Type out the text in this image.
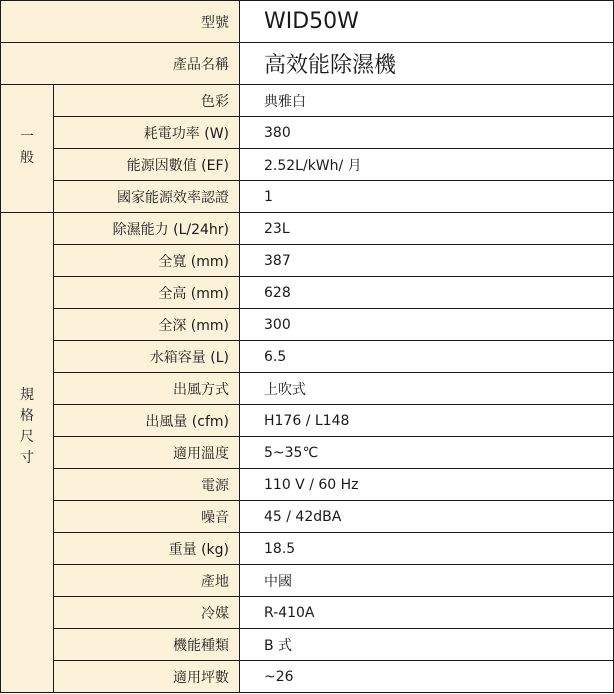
型號		WID50W
產品名稱		高效能除濕機
一般	色彩	典雅白
	耗電功率 (W)	380
	能源因數值 (EF)	2.52L/kWh/ 月
	國家能源效率認證	1
規格尺寸	除濕能力 (L/24hr)	23L
	全寬 (mm)	387
	全高 (mm)	628
	全深 (mm)	300
	水箱容量 (L)	6.5
	出風方式	上吹式
	出風量 (cfm)	H176 / L148
	適用溫度	5~35℃
	電源	110 V / 60 Hz
	噪音	45 / 42dBA
	重量 (kg)	18.5
	產地	中國
	冷媒	R-410A
	機能種類	B 式
	適用坪數	~26
